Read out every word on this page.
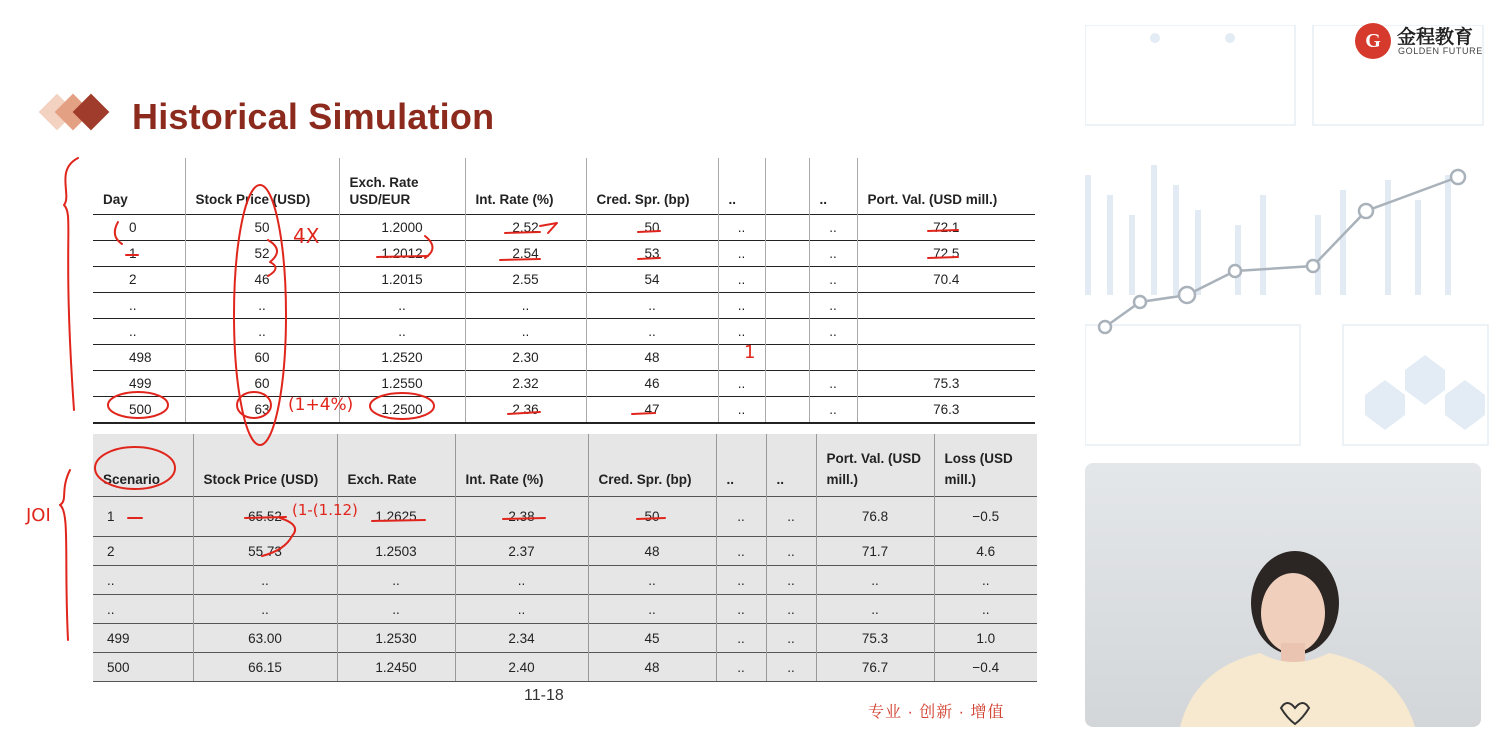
Historical Simulation
Day	Stock Price (USD)	Exch. Rate USD/EUR	Int. Rate (%)	Cred. Spr. (bp)	..		..	Port. Val. (USD mill.)
0	50	1.2000	2.52	50	..		..	72.1
1	52	1.2012	2.54	53	..		..	72.5
2	46	1.2015	2.55	54	..		..	70.4
..	..	..	..	..	..		..	
..	..	..	..	..	..		..	
498	60	1.2520	2.30	48				
499	60	1.2550	2.32	46	..		..	75.3
500	63	1.2500	2.36	47	..		..	76.3
Scenario	Stock Price (USD)	Exch. Rate	Int. Rate (%)	Cred. Spr. (bp)	..	..	Port. Val. (USD mill.)	Loss (USD mill.)
1	65.52	1.2625	2.38	50	..	..	76.8	−0.5
2	55.73	1.2503	2.37	48	..	..	71.7	4.6
..	..	..	..	..	..	..	..	..
..	..	..	..	..	..	..	..	..
499	63.00	1.2530	2.34	45	..	..	75.3	1.0
500	66.15	1.2450	2.40	48	..	..	76.7	−0.4
11-18
专业 · 创新 · 增值
G 金程教育
GOLDEN FUTURE
4X
(1+4%)
(1-(1.12)
JOI
1
